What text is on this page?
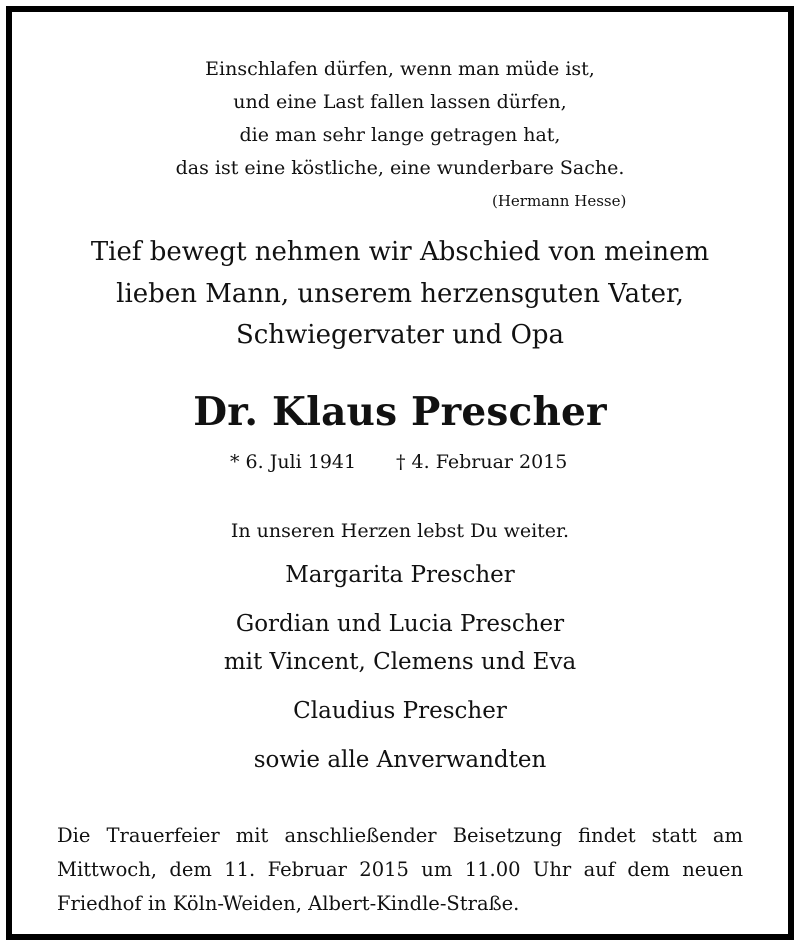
Einschlafen dürfen, wenn man müde ist,
und eine Last fallen lassen dürfen,
die man sehr lange getragen hat,
das ist eine köstliche, eine wunderbare Sache.
(Hermann Hesse)
Tief bewegt nehmen wir Abschied von meinem
lieben Mann, unserem herzensguten Vater,
Schwiegervater und Opa
Dr. Klaus Prescher
* 6. Juli 1941 † 4. Februar 2015
In unseren Herzen lebst Du weiter.
Margarita Prescher
Gordian und Lucia Prescher
mit Vincent, Clemens und Eva
Claudius Prescher
sowie alle Anverwandten
Die Trauerfeier mit anschließender Beisetzung findet statt am
Mittwoch, dem 11. Februar 2015 um 11.00 Uhr auf dem neuen
Friedhof in Köln-Weiden, Albert-Kindle-Straße.
